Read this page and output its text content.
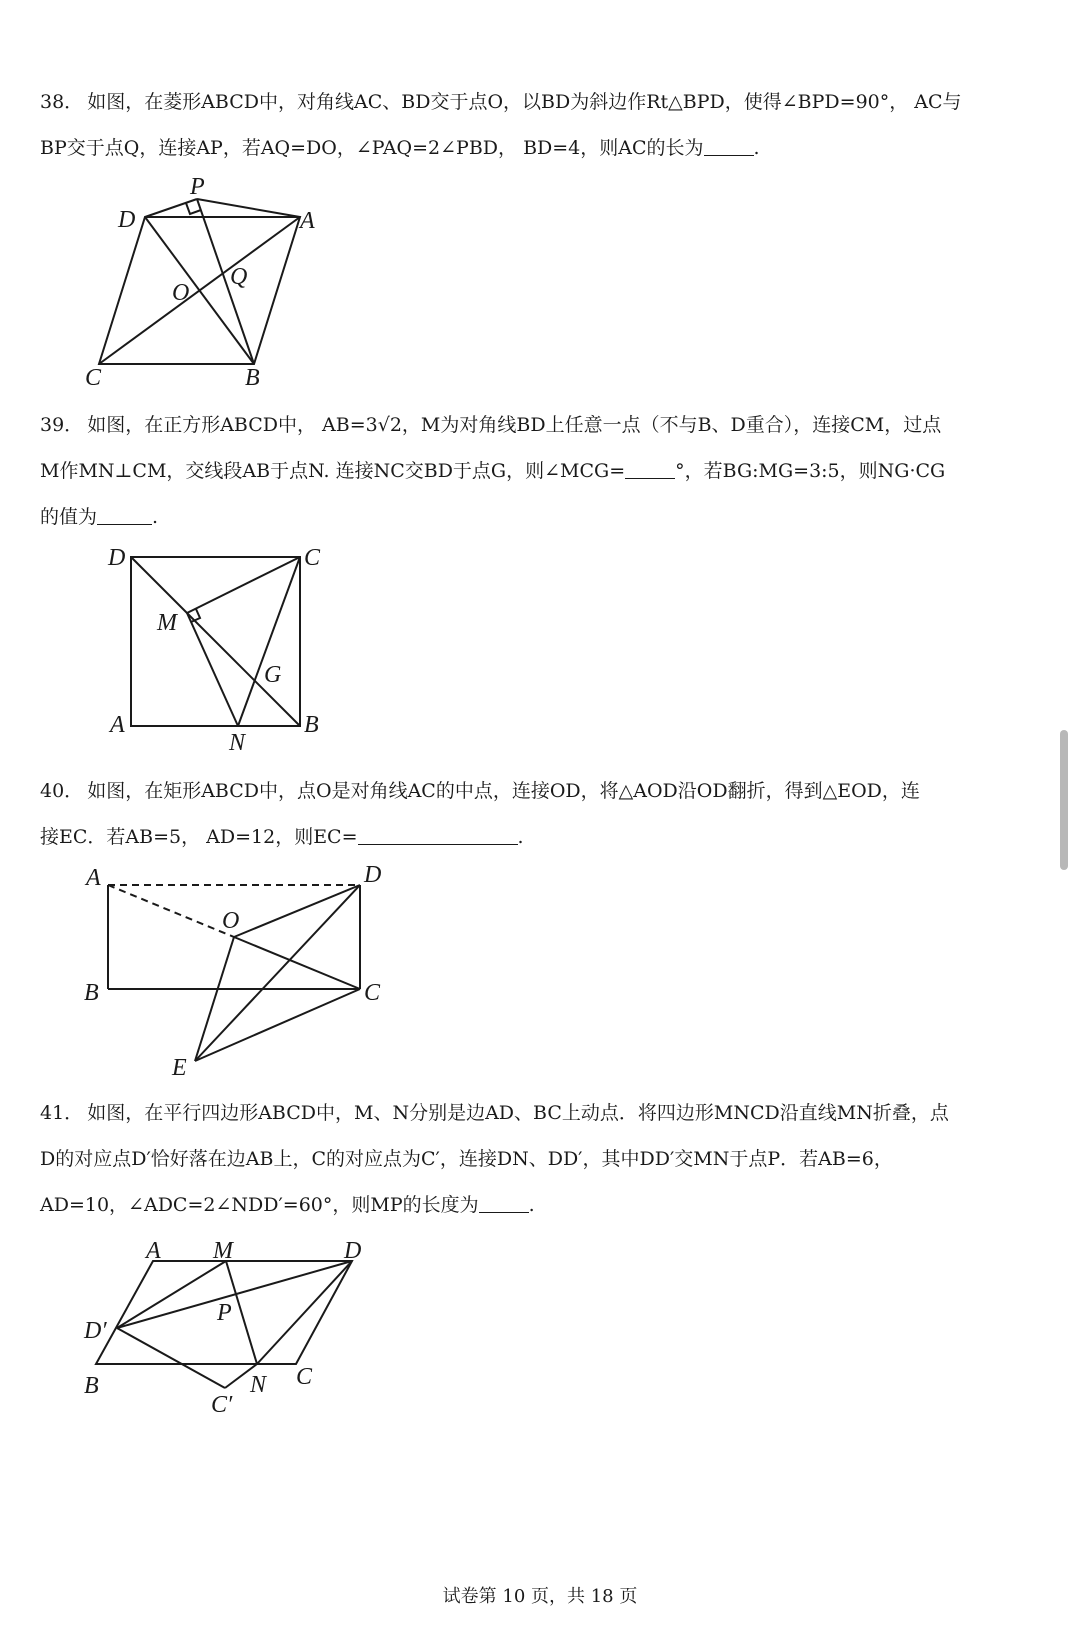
38． 如图，在菱形ABCD中，对角线AC、BD交于点O，以BD为斜边作Rt△BPD，使得∠BPD=90°， AC与
BP交于点Q，连接AP，若AQ=DO，∠PAQ=2∠PBD， BD=4，则AC的长为	.
P
D	A
O
Q
C	B
39． 如图，在正方形ABCD中， AB=3√2，M为对角线BD上任意一点（不与B、D重合），连接CM，过点
M作MN⊥CM，交线段AB于点N. 连接NC交BD于点G，则∠MCG=	°，若BG:MG=3:5，则NG·CG
的值为	.
D	C
M
G
A
N
B
40． 如图，在矩形ABCD中，点O是对角线AC的中点，连接OD，将△AOD沿OD翻折，得到△EOD，连
接EC．若AB=5， AD=12，则EC=	.
A	D
O
B	C
E
41． 如图，在平行四边形ABCD中，M、N分别是边AD、BC上动点．将四边形MNCD沿直线MN折叠，点
D的对应点D′恰好落在边AB上，C的对应点为C′，连接DN、DD′，其中DD′交MN于点P．若AB=6，
AD=10，∠ADC=2∠NDD′=60°，则MP的长度为	.
A M	D
P
D′
B
C′
N C
试卷第 10 页，共 18 页
